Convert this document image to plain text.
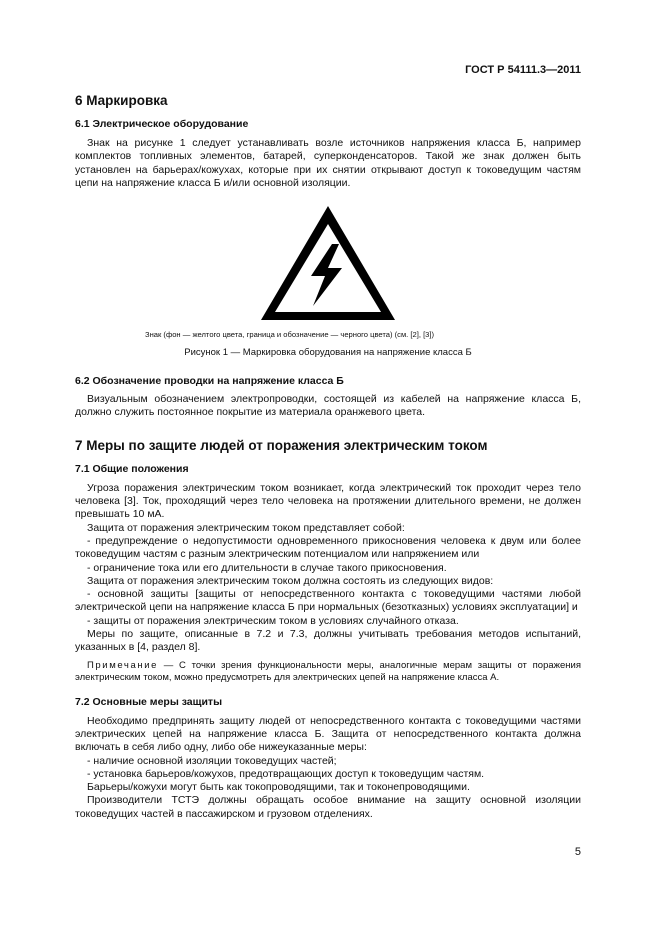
ГОСТ Р 54111.3—2011
6 Маркировка
6.1 Электрическое оборудование

Знак на рисунке 1 следует устанавливать возле источников напряжения класса Б, например комплектов топливных элементов, батарей, суперконденсаторов. Такой же знак должен быть установлен на барьерах/кожухах, которые при их снятии открывают доступ к токоведущим частям цепи на напряжение класса Б и/или основной изоляции.

Знак (фон — желтого цвета, граница и обозначение — черного цвета) (см. [2], [3])
Рисунок 1 — Маркировка оборудования на напряжение класса Б
6.2 Обозначение проводки на напряжение класса Б

Визуальным обозначением электропроводки, состоящей из кабелей на напряжение класса Б, должно служить постоянное покрытие из материала оранжевого цвета.

7 Меры по защите людей от поражения электрическим током
7.1 Общие положения

Угроза поражения электрическим током возникает, когда электрический ток проходит через тело человека [3]. Ток, проходящий через тело человека на протяжении длительного времени, не должен превышать 10 мА.

Защита от поражения электрическим током представляет собой:

- предупреждение о недопустимости одновременного прикосновения человека к двум или более токоведущим частям с разным электрическим потенциалом или напряжением или

- ограничение тока или его длительности в случае такого прикосновения.

Защита от поражения электрическим током должна состоять из следующих видов:

- основной защиты [защиты от непосредственного контакта с токоведущими частями любой электрической цепи на напряжение класса Б при нормальных (безотказных) условиях эксплуатации] и

- защиты от поражения электрическим током в условиях случайного отказа.

Меры по защите, описанные в 7.2 и 7.3, должны учитывать требования методов испытаний, указанных в [4, раздел 8].

Примечание — С точки зрения функциональности меры, аналогичные мерам защиты от поражения электрическим током, можно предусмотреть для электрических цепей на напряжение класса А.

7.2 Основные меры защиты

Необходимо предпринять защиту людей от непосредственного контакта с токоведущими частями электрических цепей на напряжение класса Б. Защита от непосредственного контакта должна включать в себя либо одну, либо обе нижеуказанные меры:

- наличие основной изоляции токоведущих частей;

- установка барьеров/кожухов, предотвращающих доступ к токоведущим частям.

Барьеры/кожухи могут быть как токопроводящими, так и токонепроводящими.

Производители ТСТЭ должны обращать особое внимание на защиту основной изоляции токоведущих частей в пассажирском и грузовом отделениях.

5
